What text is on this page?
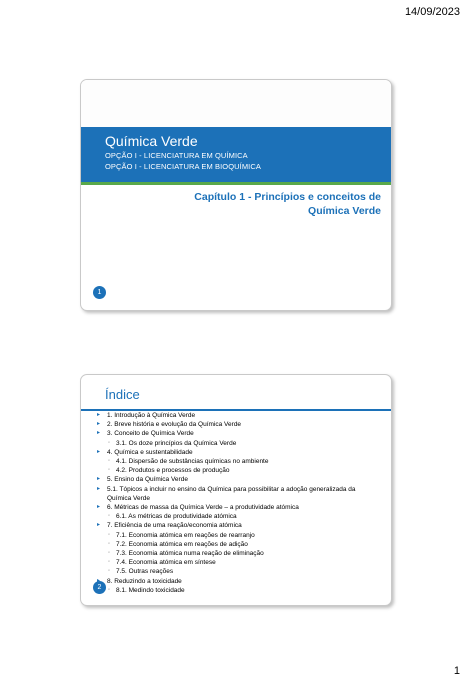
14/09/2023
Química Verde
OPÇÃO I - LICENCIATURA EM QUÍMICA
OPÇÃO I - LICENCIATURA EM BIOQUÍMICA
Capítulo 1 - Princípios e conceitos de Química Verde
1
Índice
▸ 1. Introdução à Química Verde
▸ 2. Breve história e evolução da Química Verde
▸ 3. Conceito de Química Verde
◦ 3.1. Os doze princípios da Química Verde
▸ 4. Química e sustentabilidade
◦ 4.1. Dispersão de substâncias químicas no ambiente
◦ 4.2. Produtos e processos de produção
▸ 5. Ensino da Química Verde
▸ 5.1. Tópicos a incluir no ensino da Química para possibilitar a adoção generalizada da Química Verde
▸ 6. Métricas de massa da Química Verde – a produtividade atómica
◦ 6.1. As métricas de produtividade atómica
▸ 7. Eficiência de uma reação/economia atómica
◦ 7.1. Economia atómica em reações de rearranjo
◦ 7.2. Economia atómica em reações de adição
◦ 7.3. Economia atómica numa reação de eliminação
◦ 7.4. Economia atómica em síntese
◦ 7.5. Outras reações
8. Reduzindo a toxicidade
◦ 8.1. Medindo toxicidade
2
1
